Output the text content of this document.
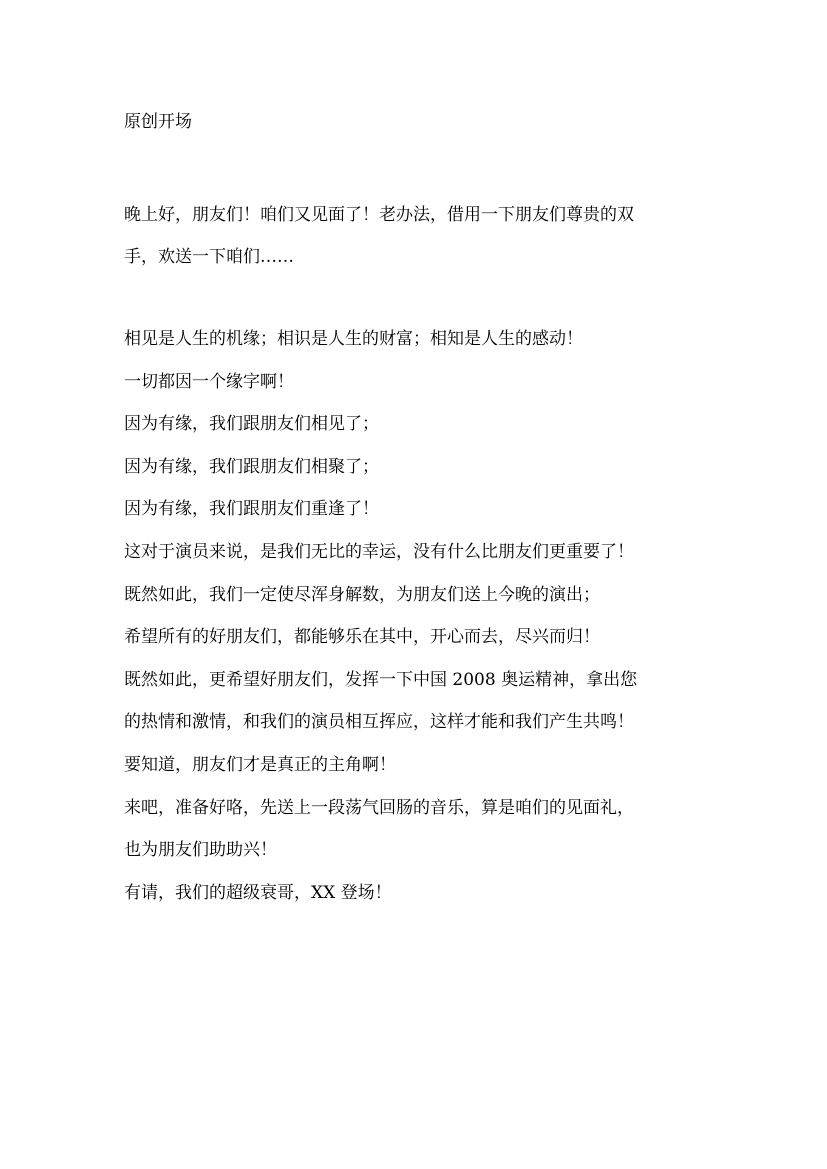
原创开场
晚上好，朋友们！咱们又见面了！老办法，借用一下朋友们尊贵的双
手，欢送一下咱们……
相见是人生的机缘；相识是人生的财富；相知是人生的感动！
一切都因一个缘字啊！
因为有缘，我们跟朋友们相见了；
因为有缘，我们跟朋友们相聚了；
因为有缘，我们跟朋友们重逢了！
这对于演员来说，是我们无比的幸运，没有什么比朋友们更重要了！
既然如此，我们一定使尽浑身解数，为朋友们送上今晚的演出；
希望所有的好朋友们，都能够乐在其中，开心而去，尽兴而归！
既然如此，更希望好朋友们，发挥一下中国 2008 奥运精神，拿出您
的热情和激情，和我们的演员相互挥应，这样才能和我们产生共鸣！
要知道，朋友们才是真正的主角啊！
来吧，准备好咯，先送上一段荡气回肠的音乐，算是咱们的见面礼，
也为朋友们助助兴！
有请，我们的超级衰哥，XX 登场！
